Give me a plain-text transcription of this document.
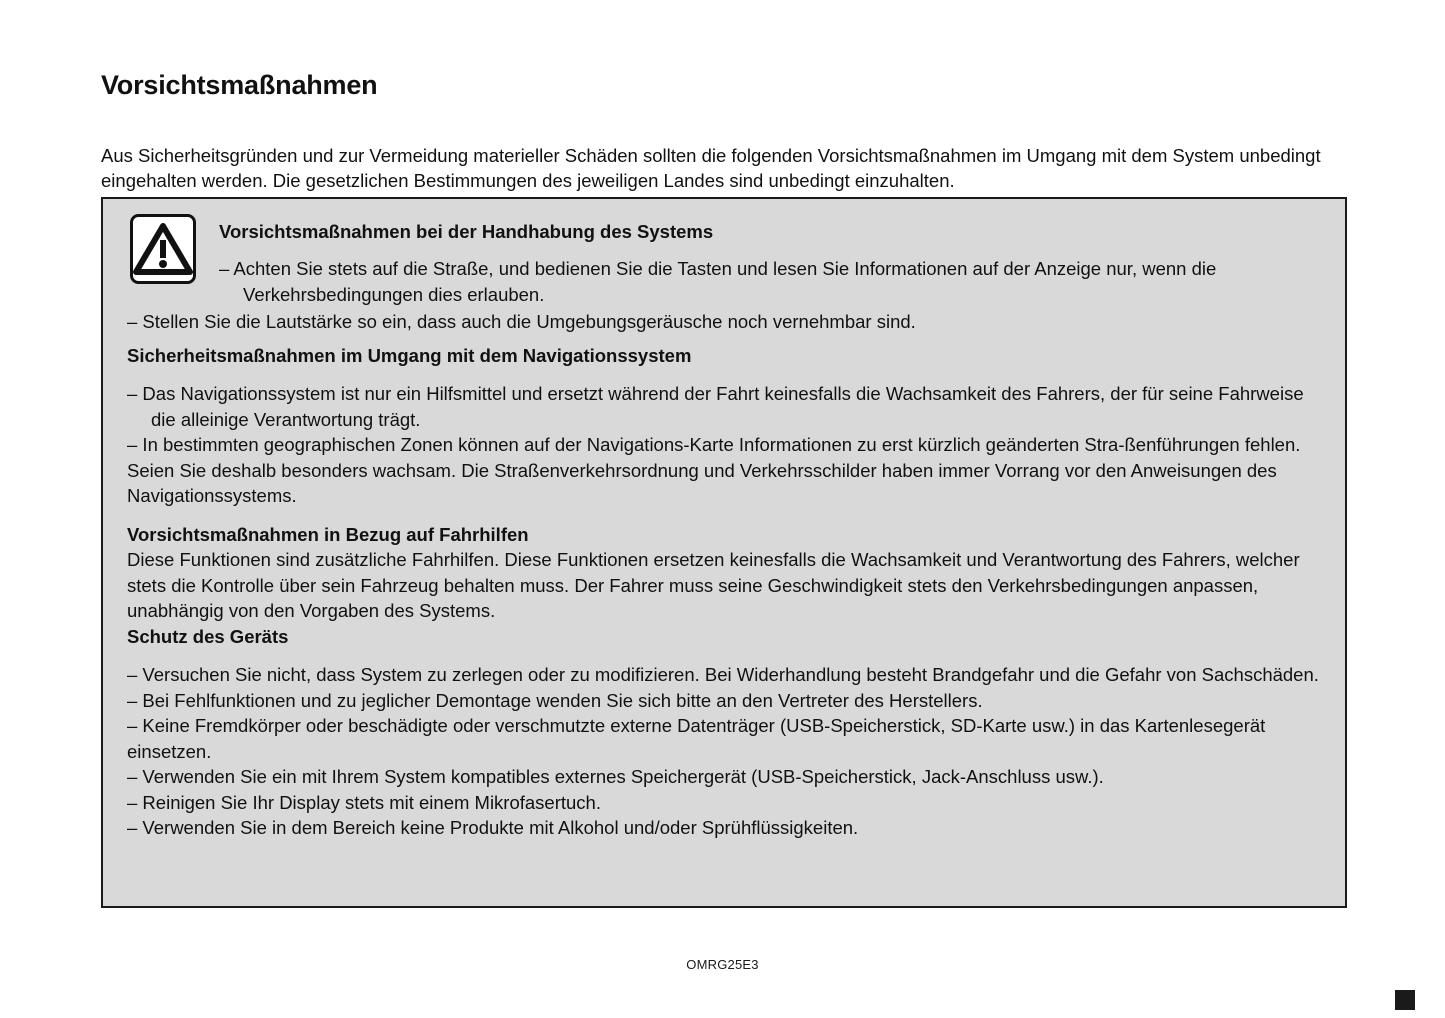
Vorsichtsmaßnahmen

Aus Sicherheitsgründen und zur Vermeidung materieller Schäden sollten die folgenden Vorsichtsmaßnahmen im Umgang mit dem System unbedingt eingehalten werden. Die gesetzlichen Bestimmungen des jeweiligen Landes sind unbedingt einzuhalten.

Vorsichtsmaßnahmen bei der Handhabung des Systems
– Achten Sie stets auf die Straße, und bedienen Sie die Tasten und lesen Sie Informationen auf der Anzeige nur, wenn die Verkehrsbedingungen dies erlauben.
– Stellen Sie die Lautstärke so ein, dass auch die Umgebungsgeräusche noch vernehmbar sind.
Sicherheitsmaßnahmen im Umgang mit dem Navigationssystem
– Das Navigationssystem ist nur ein Hilfsmittel und ersetzt während der Fahrt keinesfalls die Wachsamkeit des Fahrers, der für seine Fahrweise die alleinige Verantwortung trägt.
– In bestimmten geographischen Zonen können auf der Navigations-Karte Informationen zu erst kürzlich geänderten Stra-ßenführungen fehlen. Seien Sie deshalb besonders wachsam. Die Straßenverkehrsordnung und Verkehrsschilder haben immer Vorrang vor den Anweisungen des Navigationssystems.
Vorsichtsmaßnahmen in Bezug auf Fahrhilfen
Diese Funktionen sind zusätzliche Fahrhilfen. Diese Funktionen ersetzen keinesfalls die Wachsamkeit und Verantwortung des Fahrers, welcher stets die Kontrolle über sein Fahrzeug behalten muss. Der Fahrer muss seine Geschwindigkeit stets den Verkehrsbedingungen anpassen, unabhängig von den Vorgaben des Systems.
Schutz des Geräts
– Versuchen Sie nicht, dass System zu zerlegen oder zu modifizieren. Bei Widerhandlung besteht Brandgefahr und die Gefahr von Sachschäden.
– Bei Fehlfunktionen und zu jeglicher Demontage wenden Sie sich bitte an den Vertreter des Herstellers.
– Keine Fremdkörper oder beschädigte oder verschmutzte externe Datenträger (USB-Speicherstick, SD-Karte usw.) in das Kartenlesegerät einsetzen.
– Verwenden Sie ein mit Ihrem System kompatibles externes Speichergerät (USB-Speicherstick, Jack-Anschluss usw.).
– Reinigen Sie Ihr Display stets mit einem Mikrofasertuch.
– Verwenden Sie in dem Bereich keine Produkte mit Alkohol und/oder Sprühflüssigkeiten.
OMRG25E3
